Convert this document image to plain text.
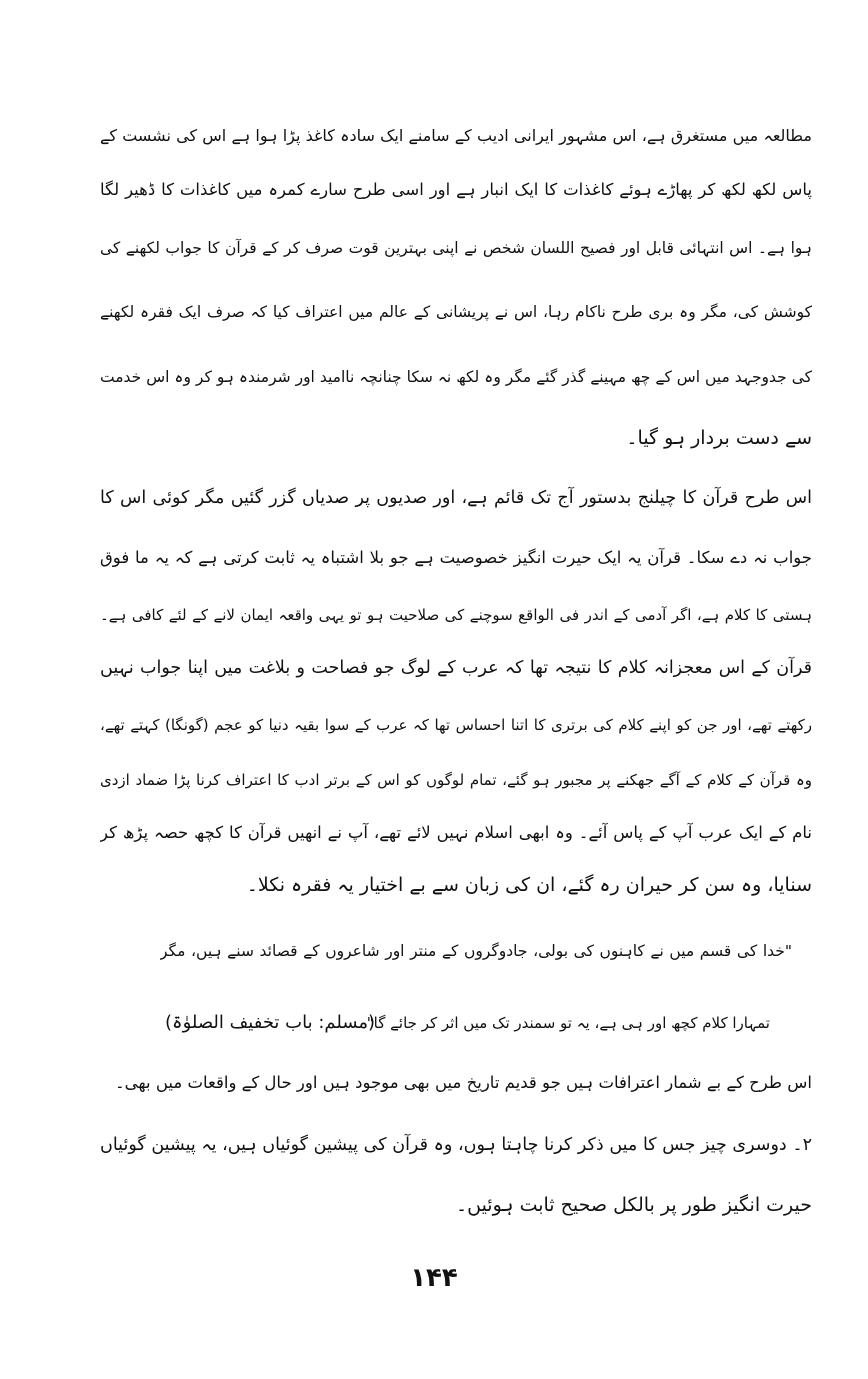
مطالعہ میں مستغرق ہے، اس مشہور ایرانی ادیب کے سامنے ایک سادہ کاغذ پڑا ہوا ہے اس کی نشست کے
پاس لکھ لکھ کر پھاڑے ہوئے کاغذات کا ایک انبار ہے اور اسی طرح سارے کمرہ میں کاغذات کا ڈھیر لگا
ہوا ہے۔ اس انتہائی قابل اور فصیح اللسان شخص نے اپنی بہترین قوت صرف کر کے قرآن کا جواب لکھنے کی
کوشش کی، مگر وہ بری طرح ناکام رہا، اس نے پریشانی کے عالم میں اعتراف کیا کہ صرف ایک فقرہ لکھنے
کی جدوجہد میں اس کے چھ مہینے گذر گئے مگر وہ لکھ نہ سکا چنانچہ ناامید اور شرمندہ ہو کر وہ اس خدمت
سے دست بردار ہو گیا۔
اس طرح قرآن کا چیلنج بدستور آج تک قائم ہے، اور صدیوں پر صدیاں گزر گئیں مگر کوئی اس کا
جواب نہ دے سکا۔ قرآن یہ ایک حیرت انگیز خصوصیت ہے جو بلا اشتباہ یہ ثابت کرتی ہے کہ یہ ما فوق
ہستی کا کلام ہے، اگر آدمی کے اندر فی الواقع سوچنے کی صلاحیت ہو تو یہی واقعہ ایمان لانے کے لئے کافی ہے۔
قرآن کے اس معجزانہ کلام کا نتیجہ تھا کہ عرب کے لوگ جو فصاحت و بلاغت میں اپنا جواب نہیں
رکھتے تھے، اور جن کو اپنے کلام کی برتری کا اتنا احساس تھا کہ عرب کے سوا بقیہ دنیا کو عجم (گونگا) کہتے تھے،
وہ قرآن کے کلام کے آگے جھکنے پر مجبور ہو گئے، تمام لوگوں کو اس کے برتر ادب کا اعتراف کرنا پڑا ضماد ازدی
نام کے ایک عرب آپ کے پاس آئے۔ وہ ابھی اسلام نہیں لائے تھے، آپ نے انھیں قرآن کا کچھ حصہ پڑھ کر
سنایا، وہ سن کر حیران رہ گئے، ان کی زبان سے بے اختیار یہ فقرہ نکلا۔
"خدا کی قسم میں نے کاہنوں کی بولی، جادوگروں کے منتر اور شاعروں کے قصائد سنے ہیں، مگر
تمہارا کلام کچھ اور ہی ہے، یہ تو سمندر تک میں اثر کر جائے گا"
(مسلم: باب تخفیف الصلوٰۃ)
اس طرح کے بے شمار اعترافات ہیں جو قدیم تاریخ میں بھی موجود ہیں اور حال کے واقعات میں بھی۔
۲۔ دوسری چیز جس کا میں ذکر کرنا چاہتا ہوں، وہ قرآن کی پیشین گوئیاں ہیں، یہ پیشین گوئیاں
حیرت انگیز طور پر بالکل صحیح ثابت ہوئیں۔
۱۴۴
